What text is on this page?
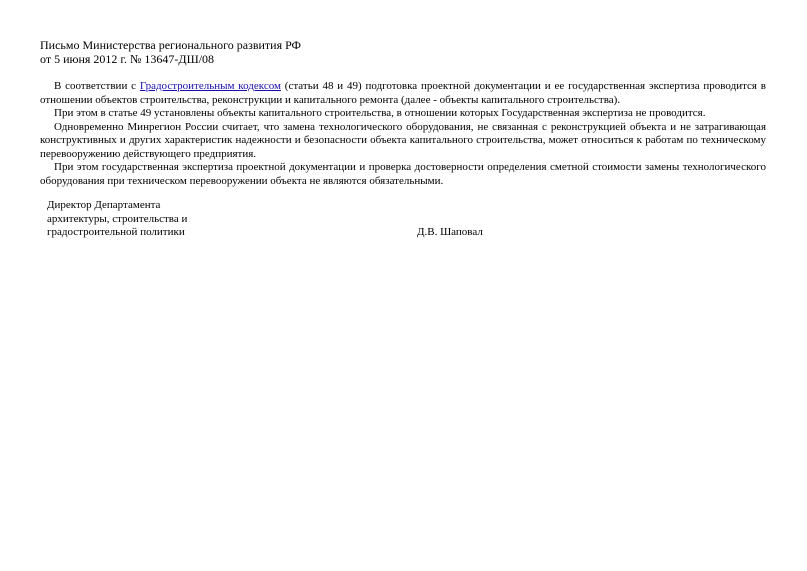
Письмо Министерства регионального развития РФ

от 5 июня 2012 г. № 13647-ДШ/08

В соответствии с Градостроительным кодексом (статьи 48 и 49) подготовка проектной документации и ее государственная экспертиза проводится в отношении объектов строительства, реконструкции и капитального ремонта (далее - объекты капитального строительства).

При этом в статье 49 установлены объекты капитального строительства, в отношении которых Государственная экспертиза не проводится.

Одновременно Минрегион России считает, что замена технологического оборудования, не связанная с реконструкцией объекта и не затрагивающая конструктивных и других характеристик надежности и безопасности объекта капитального строительства, может относиться к работам по техническому перевооружению действующего предприятия.

При этом государственная экспертиза проектной документации и проверка достоверности определения сметной стоимости замены технологического оборудования при техническом перевооружении объекта не являются обязательными.

Директор Департамента
архитектуры, строительства и
градостроительной политики	Д.В. Шаповал
